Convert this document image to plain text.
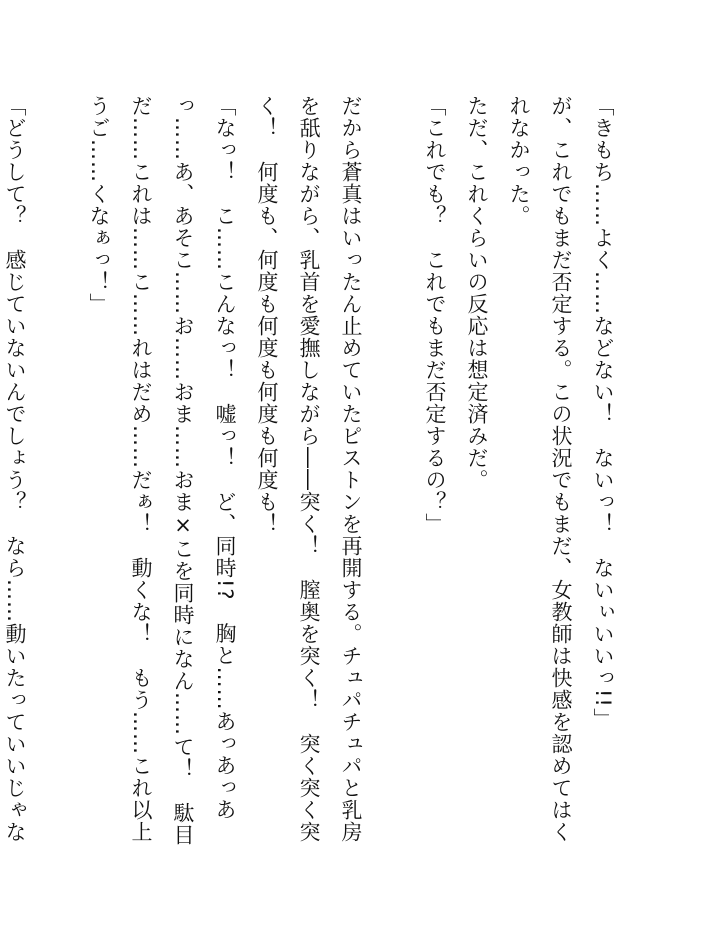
「きもち……よく……などない！　ないっ！　ないぃいいっ!!」

が、これでもまだ否定する。この状況でもまだ、女教師は快感を認めてはくれなかった。

ただ、これくらいの反応は想定済みだ。

「これでも？　これでもまだ否定するの？」

だから蒼真はいったん止めていたピストンを再開する。チュパチュパと乳房を舐りながら、乳首を愛撫しながら――突く！　膣奥を突く！　突く突く突く！　何度も、何度も何度も何度も何度も！

「なっ！　こ……こんなっ！　嘘っ！　ど、同時!?　胸と……あっあっあっ……あ、あそこ……お……おま……おま×こを同時になん……て！　駄目だ……これは……こ……れはだめ……だぁ！　動くな！　もう……これ以上うご……くなぁっ！」

「どうして？　感じていないんでしょう？　なら……動いたっていいじゃな
